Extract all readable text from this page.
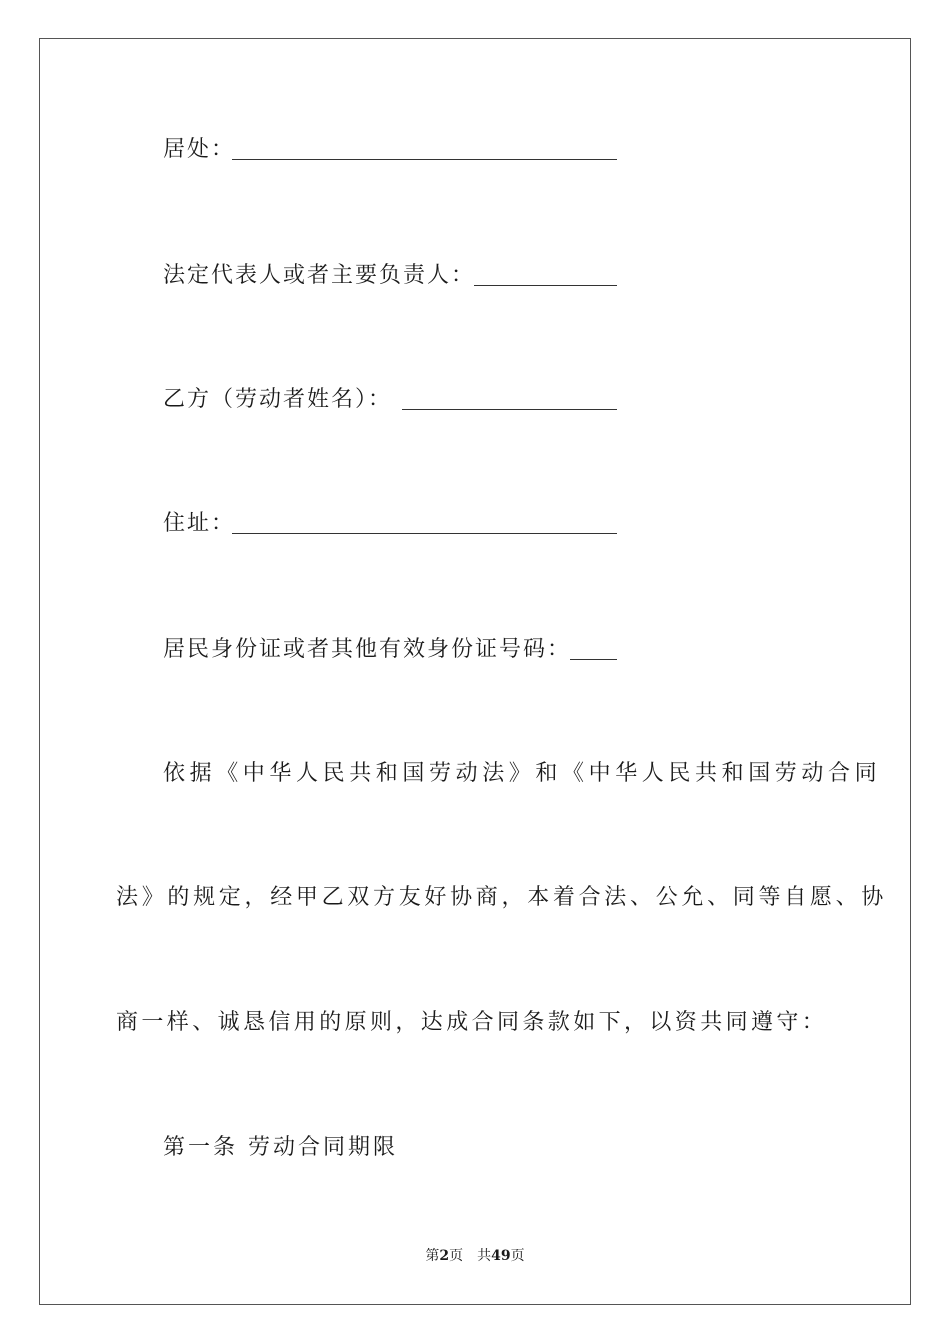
居处：
法定代表人或者主要负责人：
乙方（劳动者姓名）：
住址：
居民身份证或者其他有效身份证号码：
依据《中华人民共和国劳动法》和《中华人民共和国劳动合同
法》的规定，经甲乙双方友好协商，本着合法、公允、同等自愿、协
商一样、诚恳信用的原则，达成合同条款如下，以资共同遵守：
第一条 劳动合同期限
第2页　共49页
